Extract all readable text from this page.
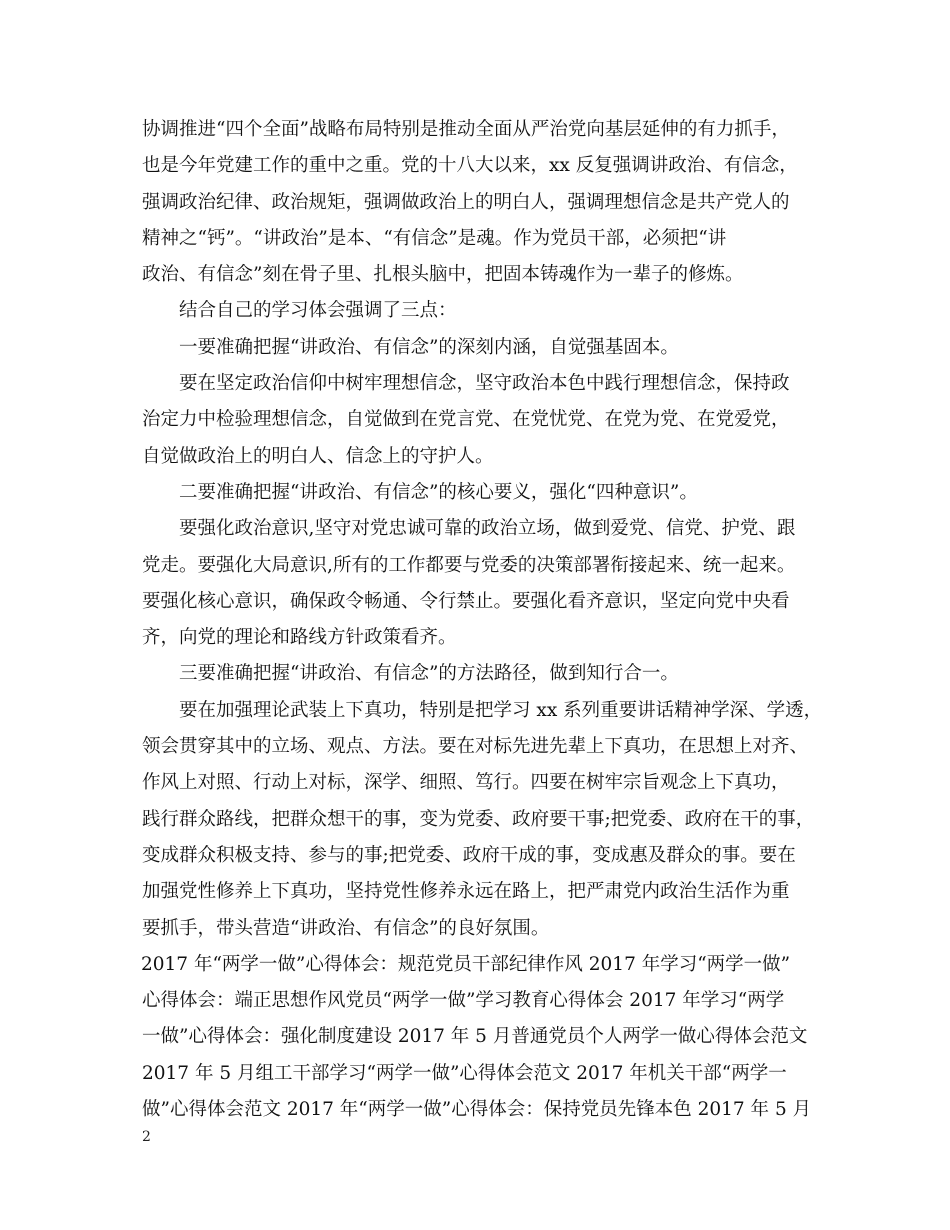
协调推进“四个全面”战略布局特别是推动全面从严治党向基层延伸的有力抓手，
也是今年党建工作的重中之重。党的十八大以来，xx 反复强调讲政治、有信念，
强调政治纪律、政治规矩，强调做政治上的明白人，强调理想信念是共产党人的
精神之“钙”。“讲政治”是本、“有信念”是魂。作为党员干部，必须把“讲
政治、有信念”刻在骨子里、扎根头脑中，把固本铸魂作为一辈子的修炼。
结合自己的学习体会强调了三点：
一要准确把握“讲政治、有信念”的深刻内涵，自觉强基固本。
要在坚定政治信仰中树牢理想信念，坚守政治本色中践行理想信念，保持政
治定力中检验理想信念，自觉做到在党言党、在党忧党、在党为党、在党爱党，
自觉做政治上的明白人、信念上的守护人。
二要准确把握“讲政治、有信念”的核心要义，强化“四种意识”。
要强化政治意识,坚守对党忠诚可靠的政治立场，做到爱党、信党、护党、跟
党走。要强化大局意识,所有的工作都要与党委的决策部署衔接起来、统一起来。
要强化核心意识，确保政令畅通、令行禁止。要强化看齐意识，坚定向党中央看
齐，向党的理论和路线方针政策看齐。
三要准确把握“讲政治、有信念”的方法路径，做到知行合一。
要在加强理论武装上下真功，特别是把学习 xx 系列重要讲话精神学深、学透，
领会贯穿其中的立场、观点、方法。要在对标先进先辈上下真功，在思想上对齐、
作风上对照、行动上对标，深学、细照、笃行。四要在树牢宗旨观念上下真功，
践行群众路线，把群众想干的事，变为党委、政府要干事;把党委、政府在干的事，
变成群众积极支持、参与的事;把党委、政府干成的事，变成惠及群众的事。要在
加强党性修养上下真功，坚持党性修养永远在路上，把严肃党内政治生活作为重
要抓手，带头营造“讲政治、有信念”的良好氛围。
2017 年“两学一做”心得体会：规范党员干部纪律作风 2017 年学习“两学一做”
心得体会：端正思想作风党员“两学一做”学习教育心得体会 2017 年学习“两学
一做”心得体会：强化制度建设 2017 年 5 月普通党员个人两学一做心得体会范文
2017 年 5 月组工干部学习“两学一做”心得体会范文 2017 年机关干部“两学一
做”心得体会范文 2017 年“两学一做”心得体会：保持党员先锋本色 2017 年 5 月
2
